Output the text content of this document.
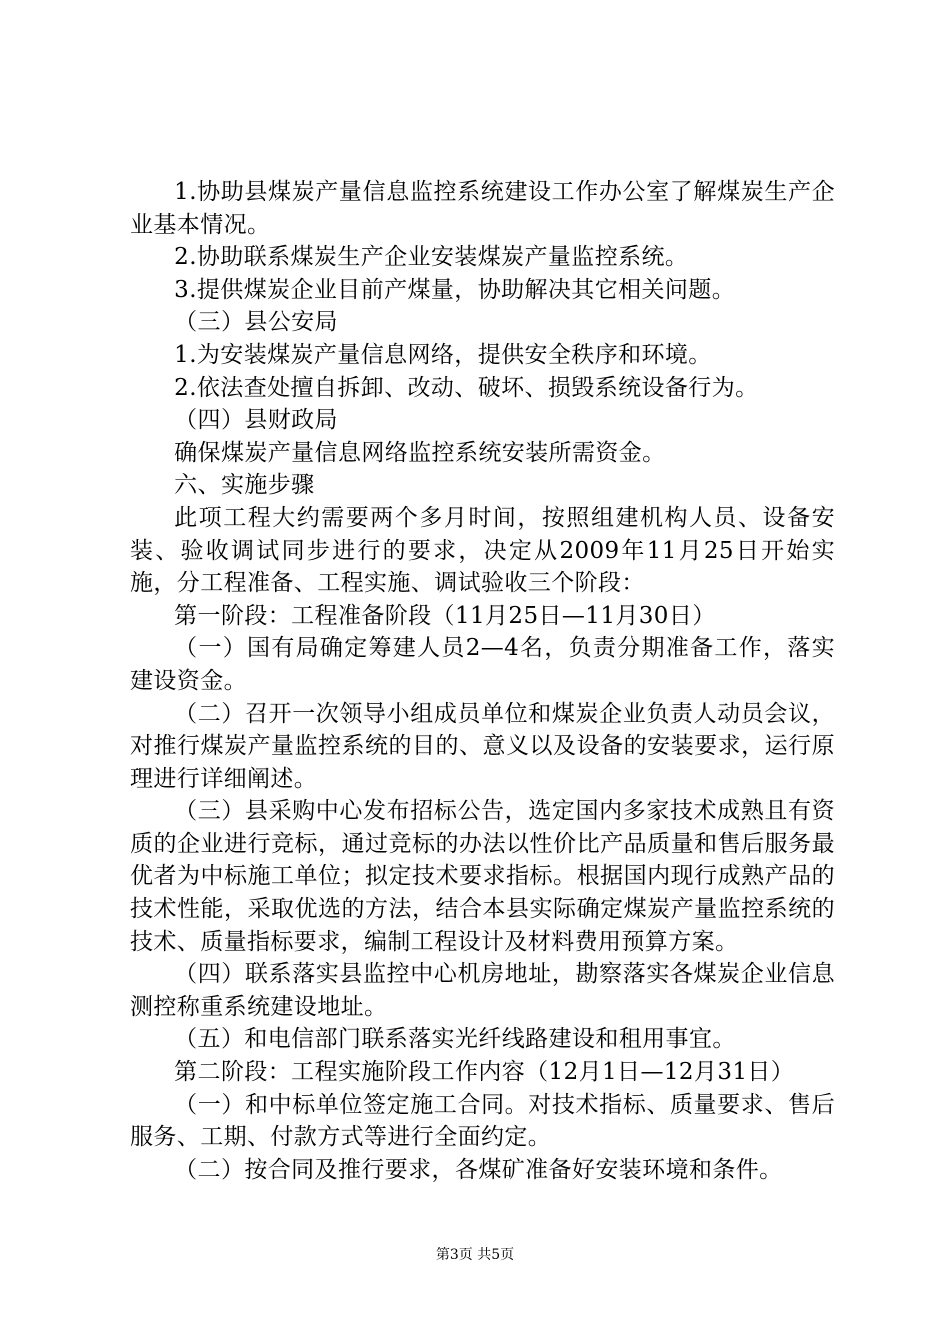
1.协助县煤炭产量信息监控系统建设工作办公室了解煤炭生产企业基本情况。

2.协助联系煤炭生产企业安装煤炭产量监控系统。

3.提供煤炭企业目前产煤量，协助解决其它相关问题。

（三）县公安局

1.为安装煤炭产量信息网络，提供安全秩序和环境。

2.依法查处擅自拆卸、改动、破坏、损毁系统设备行为。

（四）县财政局

确保煤炭产量信息网络监控系统安装所需资金。

六、实施步骤

此项工程大约需要两个多月时间，按照组建机构人员、设备安装、验收调试同步进行的要求，决定从2009年11月25日开始实施，分工程准备、工程实施、调试验收三个阶段：

第一阶段：工程准备阶段（11月25日—11月30日）

（一）国有局确定筹建人员2—4名，负责分期准备工作，落实建设资金。

（二）召开一次领导小组成员单位和煤炭企业负责人动员会议，对推行煤炭产量监控系统的目的、意义以及设备的安装要求，运行原理进行详细阐述。

（三）县采购中心发布招标公告，选定国内多家技术成熟且有资质的企业进行竞标，通过竞标的办法以性价比产品质量和售后服务最优者为中标施工单位；拟定技术要求指标。根据国内现行成熟产品的技术性能，采取优选的方法，结合本县实际确定煤炭产量监控系统的技术、质量指标要求，编制工程设计及材料费用预算方案。

（四）联系落实县监控中心机房地址，勘察落实各煤炭企业信息测控称重系统建设地址。

（五）和电信部门联系落实光纤线路建设和租用事宜。

第二阶段：工程实施阶段工作内容（12月1日—12月31日）

（一）和中标单位签定施工合同。对技术指标、质量要求、售后服务、工期、付款方式等进行全面约定。

（二）按合同及推行要求，各煤矿准备好安装环境和条件。

第3页 共5页
